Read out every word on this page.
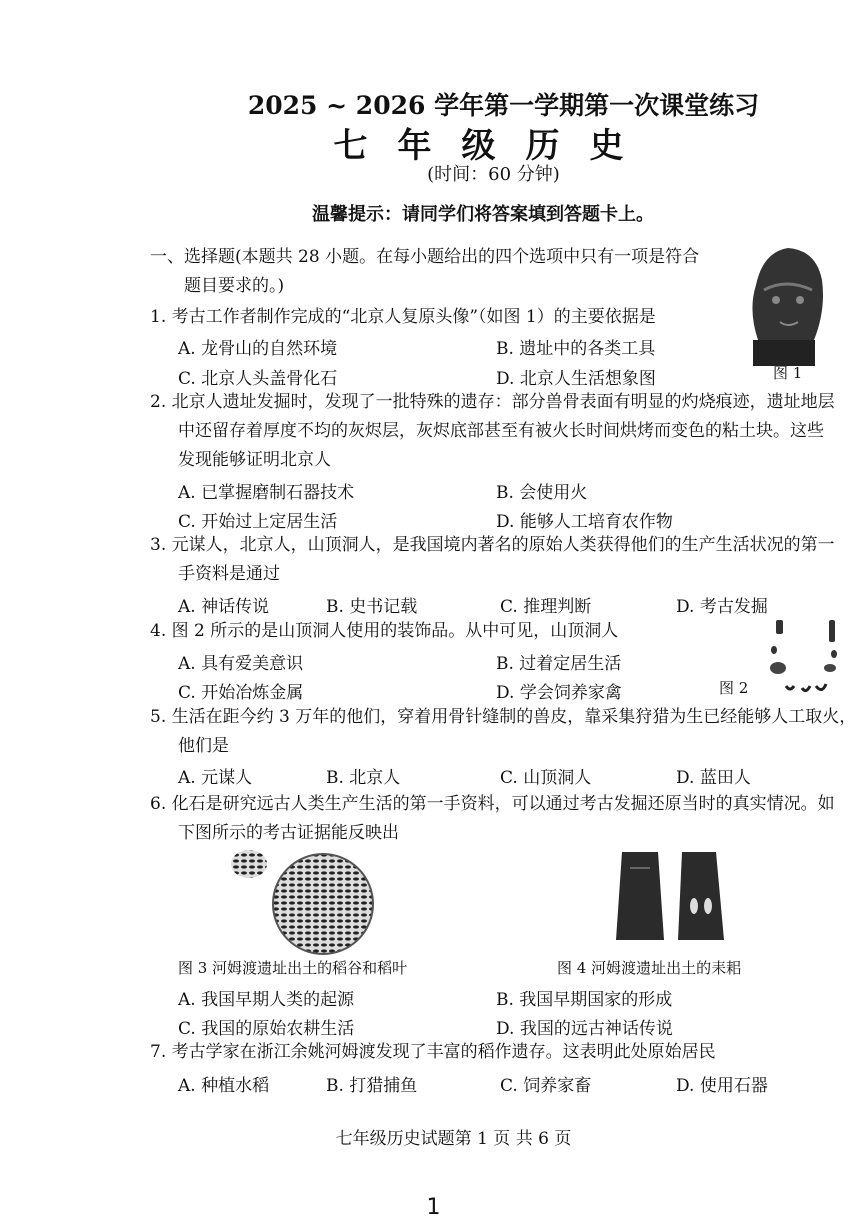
2025 ~ 2026 学年第一学期第一次课堂练习
七年级历史
(时间：60 分钟)
温馨提示：请同学们将答案填到答题卡上。
一、选择题(本题共 28 小题。在每小题给出的四个选项中只有一项是符合
题目要求的。)
图 1
1. 考古工作者制作完成的“北京人复原头像”（如图 1）的主要依据是
A. 龙骨山的自然环境	B. 遗址中的各类工具
C. 北京人头盖骨化石	D. 北京人生活想象图
2. 北京人遗址发掘时，发现了一批特殊的遗存：部分兽骨表面有明显的灼烧痕迹，遗址地层
中还留存着厚度不均的灰烬层，灰烬底部甚至有被火长时间烘烤而变色的粘土块。这些
发现能够证明北京人
A. 已掌握磨制石器技术	B. 会使用火
C. 开始过上定居生活	D. 能够人工培育农作物
3. 元谋人，北京人，山顶洞人，是我国境内著名的原始人类获得他们的生产生活状况的第一
手资料是通过
A. 神话传说	B. 史书记载	C. 推理判断	D. 考古发掘
4. 图 2 所示的是山顶洞人使用的装饰品。从中可见，山顶洞人
A. 具有爱美意识	B. 过着定居生活
C. 开始冶炼金属	D. 学会饲养家禽	图 2
5. 生活在距今约 3 万年的他们，穿着用骨针缝制的兽皮，靠采集狩猎为生已经能够人工取火，
他们是
A. 元谋人	B. 北京人	C. 山顶洞人	D. 蓝田人
6. 化石是研究远古人类生产生活的第一手资料，可以通过考古发掘还原当时的真实情况。如
下图所示的考古证据能反映出
图 3 河姆渡遗址出土的稻谷和稻叶	图 4 河姆渡遗址出土的耒耜
A. 我国早期人类的起源	B. 我国早期国家的形成
C. 我国的原始农耕生活	D. 我国的远古神话传说
7. 考古学家在浙江余姚河姆渡发现了丰富的稻作遗存。这表明此处原始居民
A. 种植水稻	B. 打猎捕鱼	C. 饲养家畜	D. 使用石器
七年级历史试题第 1 页 共 6 页
1
